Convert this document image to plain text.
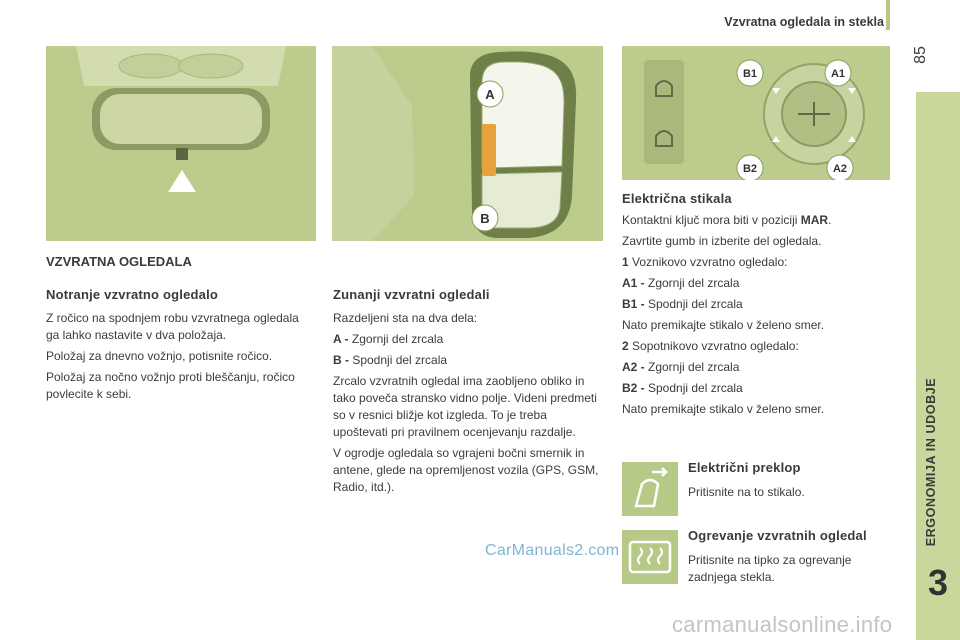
Vzvratna ogledala in stekla
85
ERGONOMIJA IN UDOBJE
3
A
B
B1	A1
B2	A2
VZVRATNA OGLEDALA
Notranje vzvratno ogledalo

Z ročico na spodnjem robu vzvratnega ogledala ga lahko nastavite v dva položaja.

Položaj za dnevno vožnjo, potisnite ročico.

Položaj za nočno vožnjo proti bleščanju, ročico povlecite k sebi.

Zunanji vzvratni ogledali

Razdeljeni sta na dva dela:

A - Zgornji del zrcala

B - Spodnji del zrcala

Zrcalo vzvratnih ogledal ima zaobljeno obliko in tako poveča stransko vidno polje. Videni predmeti so v resnici bližje kot izgleda. To je treba upoštevati pri pravilnem ocenjevanju razdalje.

V ogrodje ogledala so vgrajeni bočni smernik in antene, glede na opremljenost vozila (GPS, GSM, Radio, itd.).

Električna stikala

Kontaktni ključ mora biti v poziciji MAR.

Zavrtite gumb in izberite del ogledala.

1 Voznikovo vzvratno ogledalo:

A1 - Zgornji del zrcala

B1 - Spodnji del zrcala

Nato premikajte stikalo v želeno smer.

2 Sopotnikovo vzvratno ogledalo:

A2 - Zgornji del zrcala

B2 - Spodnji del zrcala

Nato premikajte stikalo v želeno smer.

Električni preklop

Pritisnite na to stikalo.

Ogrevanje vzvratnih ogledal

Pritisnite na tipko za ogrevanje zadnjega stekla.

CarManuals2.com
carmanualsonline.info
